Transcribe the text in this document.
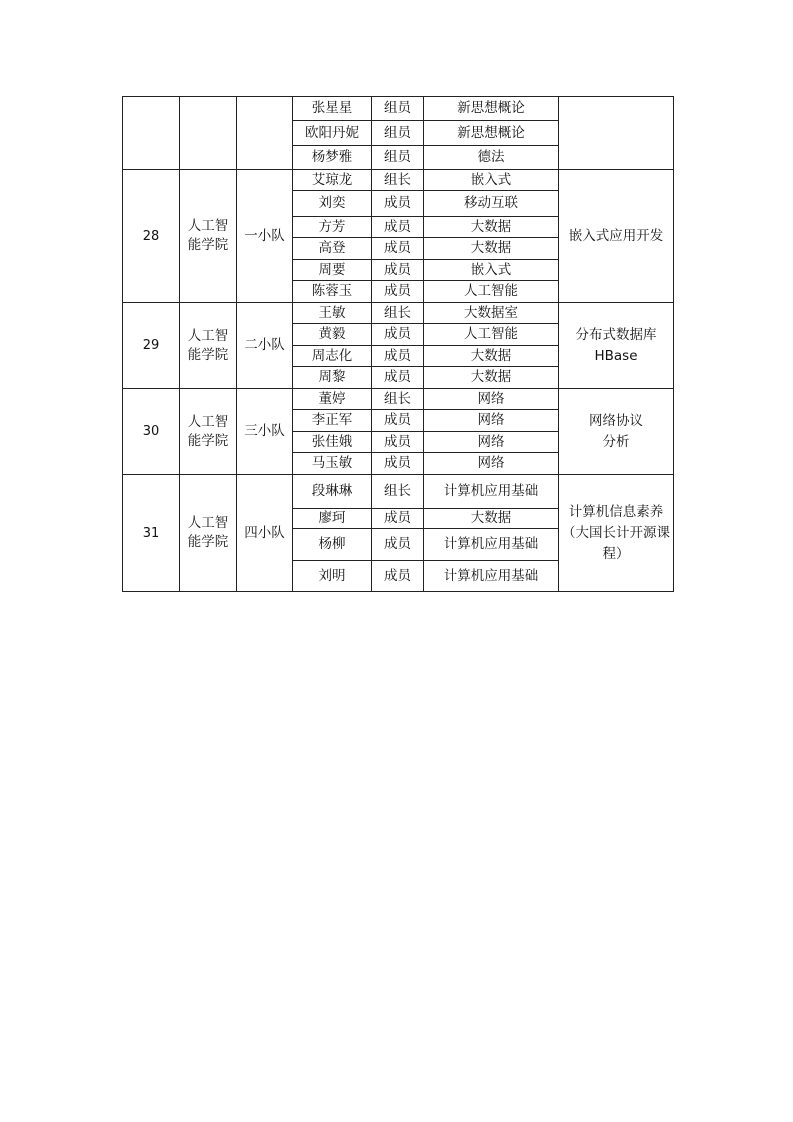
			张星星	组员	新思想概论	
			欧阳丹妮	组员	新思想概论	
			杨梦雅	组员	德法	
28	人工智能学院	一小队	艾琼龙	组长	嵌入式	嵌入式应用开发
			刘奕	成员	移动互联	
			方芳	成员	大数据	
			高登	成员	大数据	
			周要	成员	嵌入式	
			陈蓉玉	成员	人工智能	
29	人工智能学院	二小队	王敏	组长	大数据室	分布式数据库
HBase

			黄毅	成员	人工智能	
			周志化	成员	大数据	
			周黎	成员	大数据	
30	人工智能学院	三小队	董婷	组长	网络	网络协议
分析

			李正军	成员	网络	
			张佳娥	成员	网络	
			马玉敏	成员	网络	
31	人工智能学院	四小队	段琳琳	组长	计算机应用基础	计算机信息素养
（大国长计开源课
程）

			廖珂	成员	大数据	
			杨柳	成员	计算机应用基础	
			刘明	成员	计算机应用基础	
